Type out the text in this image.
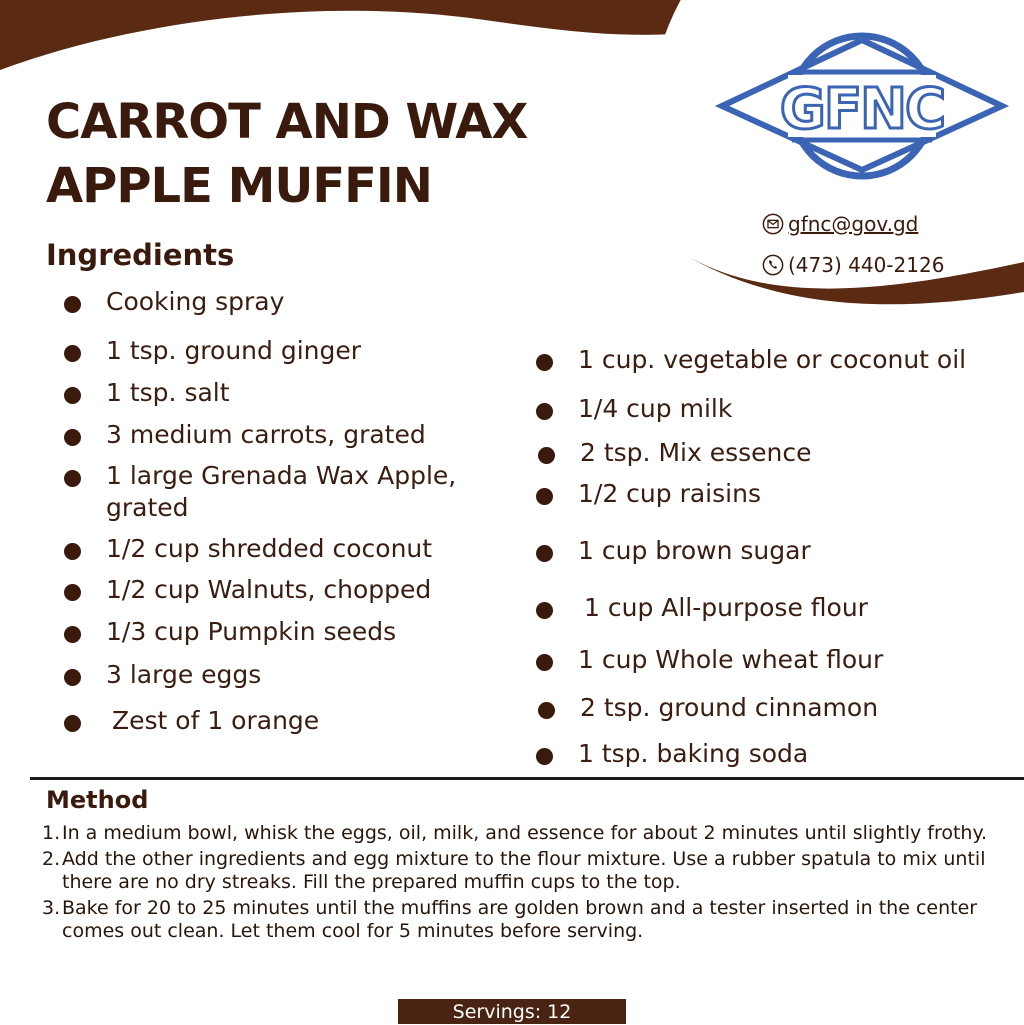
GFNC
CARROT AND WAX
APPLE MUFFIN
gfnc@gov.gd
(473) 440-2126
Ingredients
Cooking spray
1 tsp. ground ginger
1 tsp. salt
3 medium carrots, grated
1 large Grenada Wax Apple, grated
1/2 cup shredded coconut
1/2 cup Walnuts, chopped
1/3 cup Pumpkin seeds
3 large eggs
Zest of 1 orange
1 cup. vegetable or coconut oil
1/4 cup milk
2 tsp. Mix essence
1/2 cup raisins
1 cup brown sugar
1 cup All-purpose flour
1 cup Whole wheat flour
2 tsp. ground cinnamon
1 tsp. baking soda
Method
1. In a medium bowl, whisk the eggs, oil, milk, and essence for about 2 minutes until slightly frothy.
2. Add the other ingredients and egg mixture to the flour mixture. Use a rubber spatula to mix until there are no dry streaks. Fill the prepared muffin cups to the top.
3. Bake for 20 to 25 minutes until the muffins are golden brown and a tester inserted in the center comes out clean. Let them cool for 5 minutes before serving.
Servings: 12
